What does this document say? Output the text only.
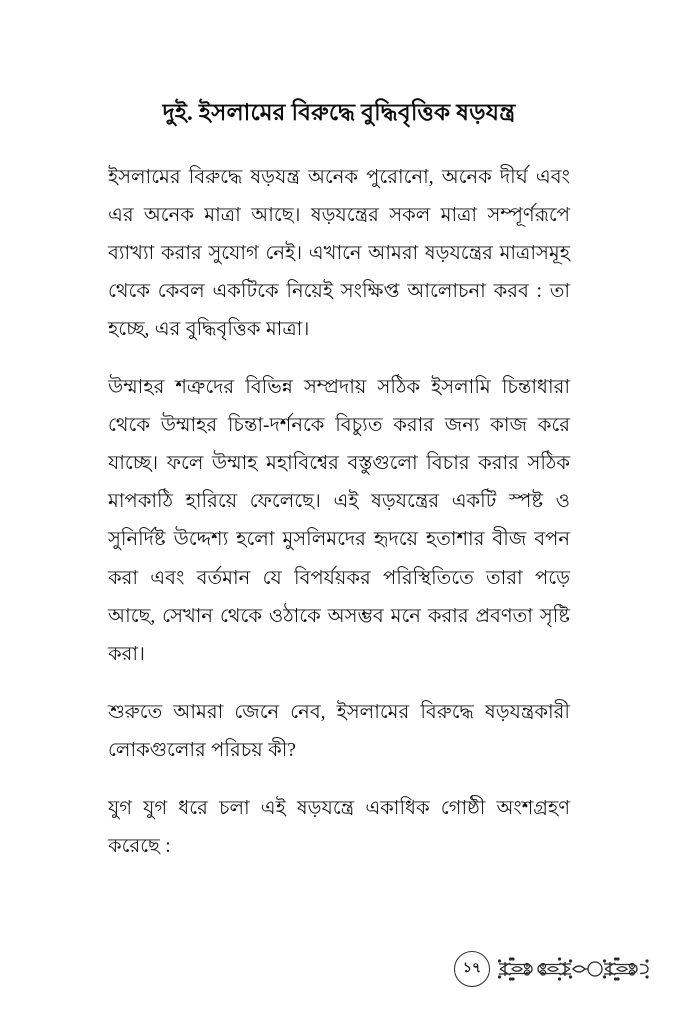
দুই. ইসলামের বিরুদ্ধে বুদ্ধিবৃত্তিক ষড়যন্ত্র

ইসলামের বিরুদ্ধে ষড়যন্ত্র অনেক পুরোনো, অনেক দীর্ঘ এবং এর অনেক মাত্রা আছে। ষড়যন্ত্রের সকল মাত্রা সম্পূর্ণরূপে ব্যাখ্যা করার সুযোগ নেই। এখানে আমরা ষড়যন্ত্রের মাত্রাসমূহ থেকে কেবল একটিকে নিয়েই সংক্ষিপ্ত আলোচনা করব : তা হচ্ছে, এর বুদ্ধিবৃত্তিক মাত্রা।

উম্মাহর শত্রুদের বিভিন্ন সম্প্রদায় সঠিক ইসলামি চিন্তাধারা থেকে উম্মাহর চিন্তা-দর্শনকে বিচ্যুত করার জন্য কাজ করে যাচ্ছে। ফলে উম্মাহ মহাবিশ্বের বস্তুগুলো বিচার করার সঠিক মাপকাঠি হারিয়ে ফেলেছে। এই ষড়যন্ত্রের একটি স্পষ্ট ও সুনির্দিষ্ট উদ্দেশ্য হলো মুসলিমদের হৃদয়ে হতাশার বীজ বপন করা এবং বর্তমান যে বিপর্যয়কর পরিস্থিতিতে তারা পড়ে আছে, সেখান থেকে ওঠাকে অসম্ভব মনে করার প্রবণতা সৃষ্টি করা।

শুরুতে আমরা জেনে নেব, ইসলামের বিরুদ্ধে ষড়যন্ত্রকারী লোকগুলোর পরিচয় কী?

যুগ যুগ ধরে চলা এই ষড়যন্ত্রে একাধিক গোষ্ঠী অংশগ্রহণ করেছে :

১৭
